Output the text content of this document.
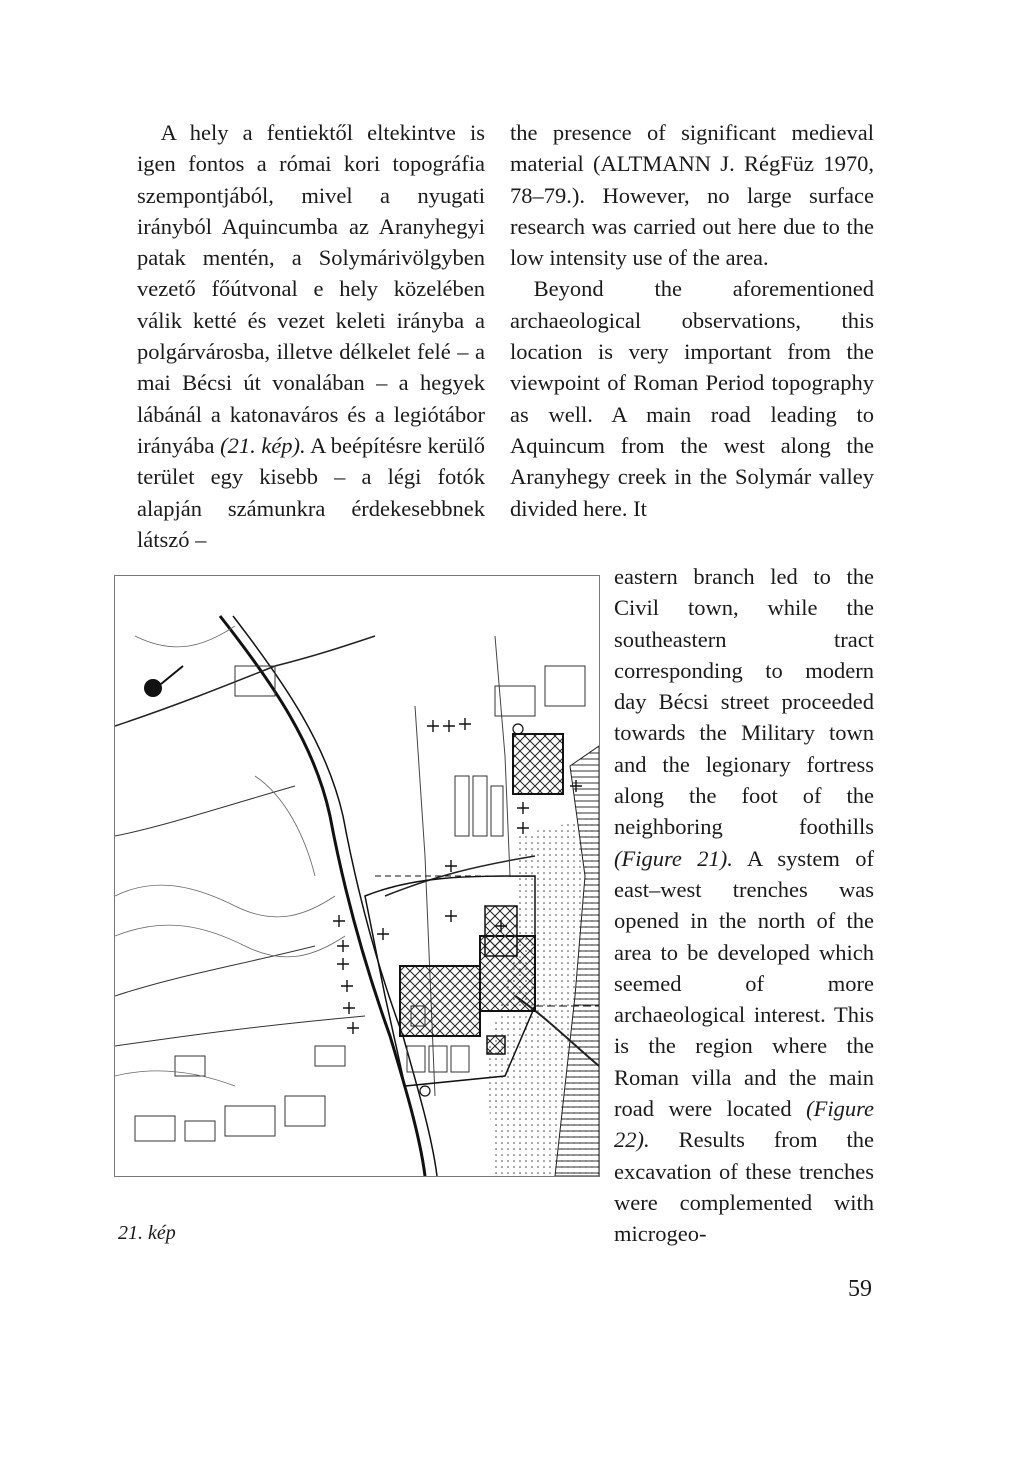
A hely a fentiektől eltekintve is igen fontos a római kori topográfia szempontjából, mivel a nyugati irányból Aquincumba az Aranyhegyi patak mentén, a Solymárivölgyben vezető főútvonal e hely közelében válik ketté és vezet keleti irányba a polgárvárosba, illetve délkelet felé – a mai Bécsi út vonalában – a hegyek lábánál a katonaváros és a legiótábor irányába (21. kép). A beépítésre kerülő terület egy kisebb – a légi fotók alapján számunkra érdekesebbnek látszó –

the presence of significant medieval material (ALTMANN J. RégFüz 1970, 78–79.). However, no large surface research was carried out here due to the low intensity use of the area.

Beyond the aforementioned archaeological observations, this location is very important from the viewpoint of Roman Period topography as well. A main road leading to Aquincum from the west along the Aranyhegy creek in the Solymár valley divided here. It

eastern branch led to the Civil town, while the southeastern tract corresponding to modern day Bécsi street proceeded towards the Military town and the legionary fortress along the foot of the neighboring foothills (Figure 21). A system of east–west trenches was opened in the north of the area to be developed which seemed of more archaeological interest. This is the region where the Roman villa and the main road were located (Figure 22). Results from the excavation of these trenches were complemented with microgeo-

21. kép
59
